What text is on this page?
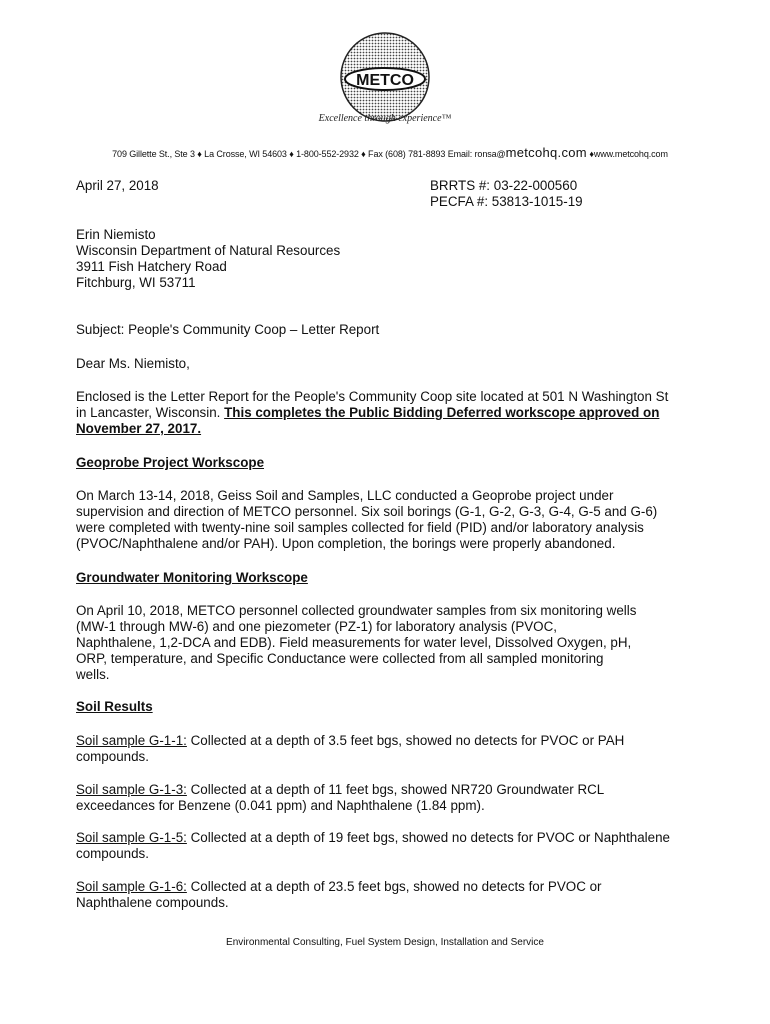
METCO
Excellence through experience™
709 Gillette St., Ste 3 ♦ La Crosse, WI 54603 ♦ 1-800-552-2932 ♦ Fax (608) 781-8893 Email: ronsa@metcohq.com ♦www.metcohq.com
April 27, 2018	BRRTS #: 03-22-000560
PECFA #: 53813-1015-19
Erin Niemisto
Wisconsin Department of Natural Resources
3911 Fish Hatchery Road
Fitchburg, WI 53711
Subject: People's Community Coop – Letter Report
Dear Ms. Niemisto,
Enclosed is the Letter Report for the People's Community Coop site located at 501 N Washington St
in Lancaster, Wisconsin. This completes the Public Bidding Deferred workscope approved on
November 27, 2017.
Geoprobe Project Workscope
On March 13-14, 2018, Geiss Soil and Samples, LLC conducted a Geoprobe project under
supervision and direction of METCO personnel. Six soil borings (G-1, G-2, G-3, G-4, G-5 and G-6)
were completed with twenty-nine soil samples collected for field (PID) and/or laboratory analysis
(PVOC/Naphthalene and/or PAH). Upon completion, the borings were properly abandoned.
Groundwater Monitoring Workscope
On April 10, 2018, METCO personnel collected groundwater samples from six monitoring wells
(MW-1 through MW-6) and one piezometer (PZ-1) for laboratory analysis (PVOC,
Naphthalene, 1,2-DCA and EDB). Field measurements for water level, Dissolved Oxygen, pH,
ORP, temperature, and Specific Conductance were collected from all sampled monitoring
wells.
Soil Results
Soil sample G-1-1: Collected at a depth of 3.5 feet bgs, showed no detects for PVOC or PAH
compounds.
Soil sample G-1-3: Collected at a depth of 11 feet bgs, showed NR720 Groundwater RCL
exceedances for Benzene (0.041 ppm) and Naphthalene (1.84 ppm).
Soil sample G-1-5: Collected at a depth of 19 feet bgs, showed no detects for PVOC or Naphthalene
compounds.
Soil sample G-1-6: Collected at a depth of 23.5 feet bgs, showed no detects for PVOC or
Naphthalene compounds.
Environmental Consulting, Fuel System Design, Installation and Service
